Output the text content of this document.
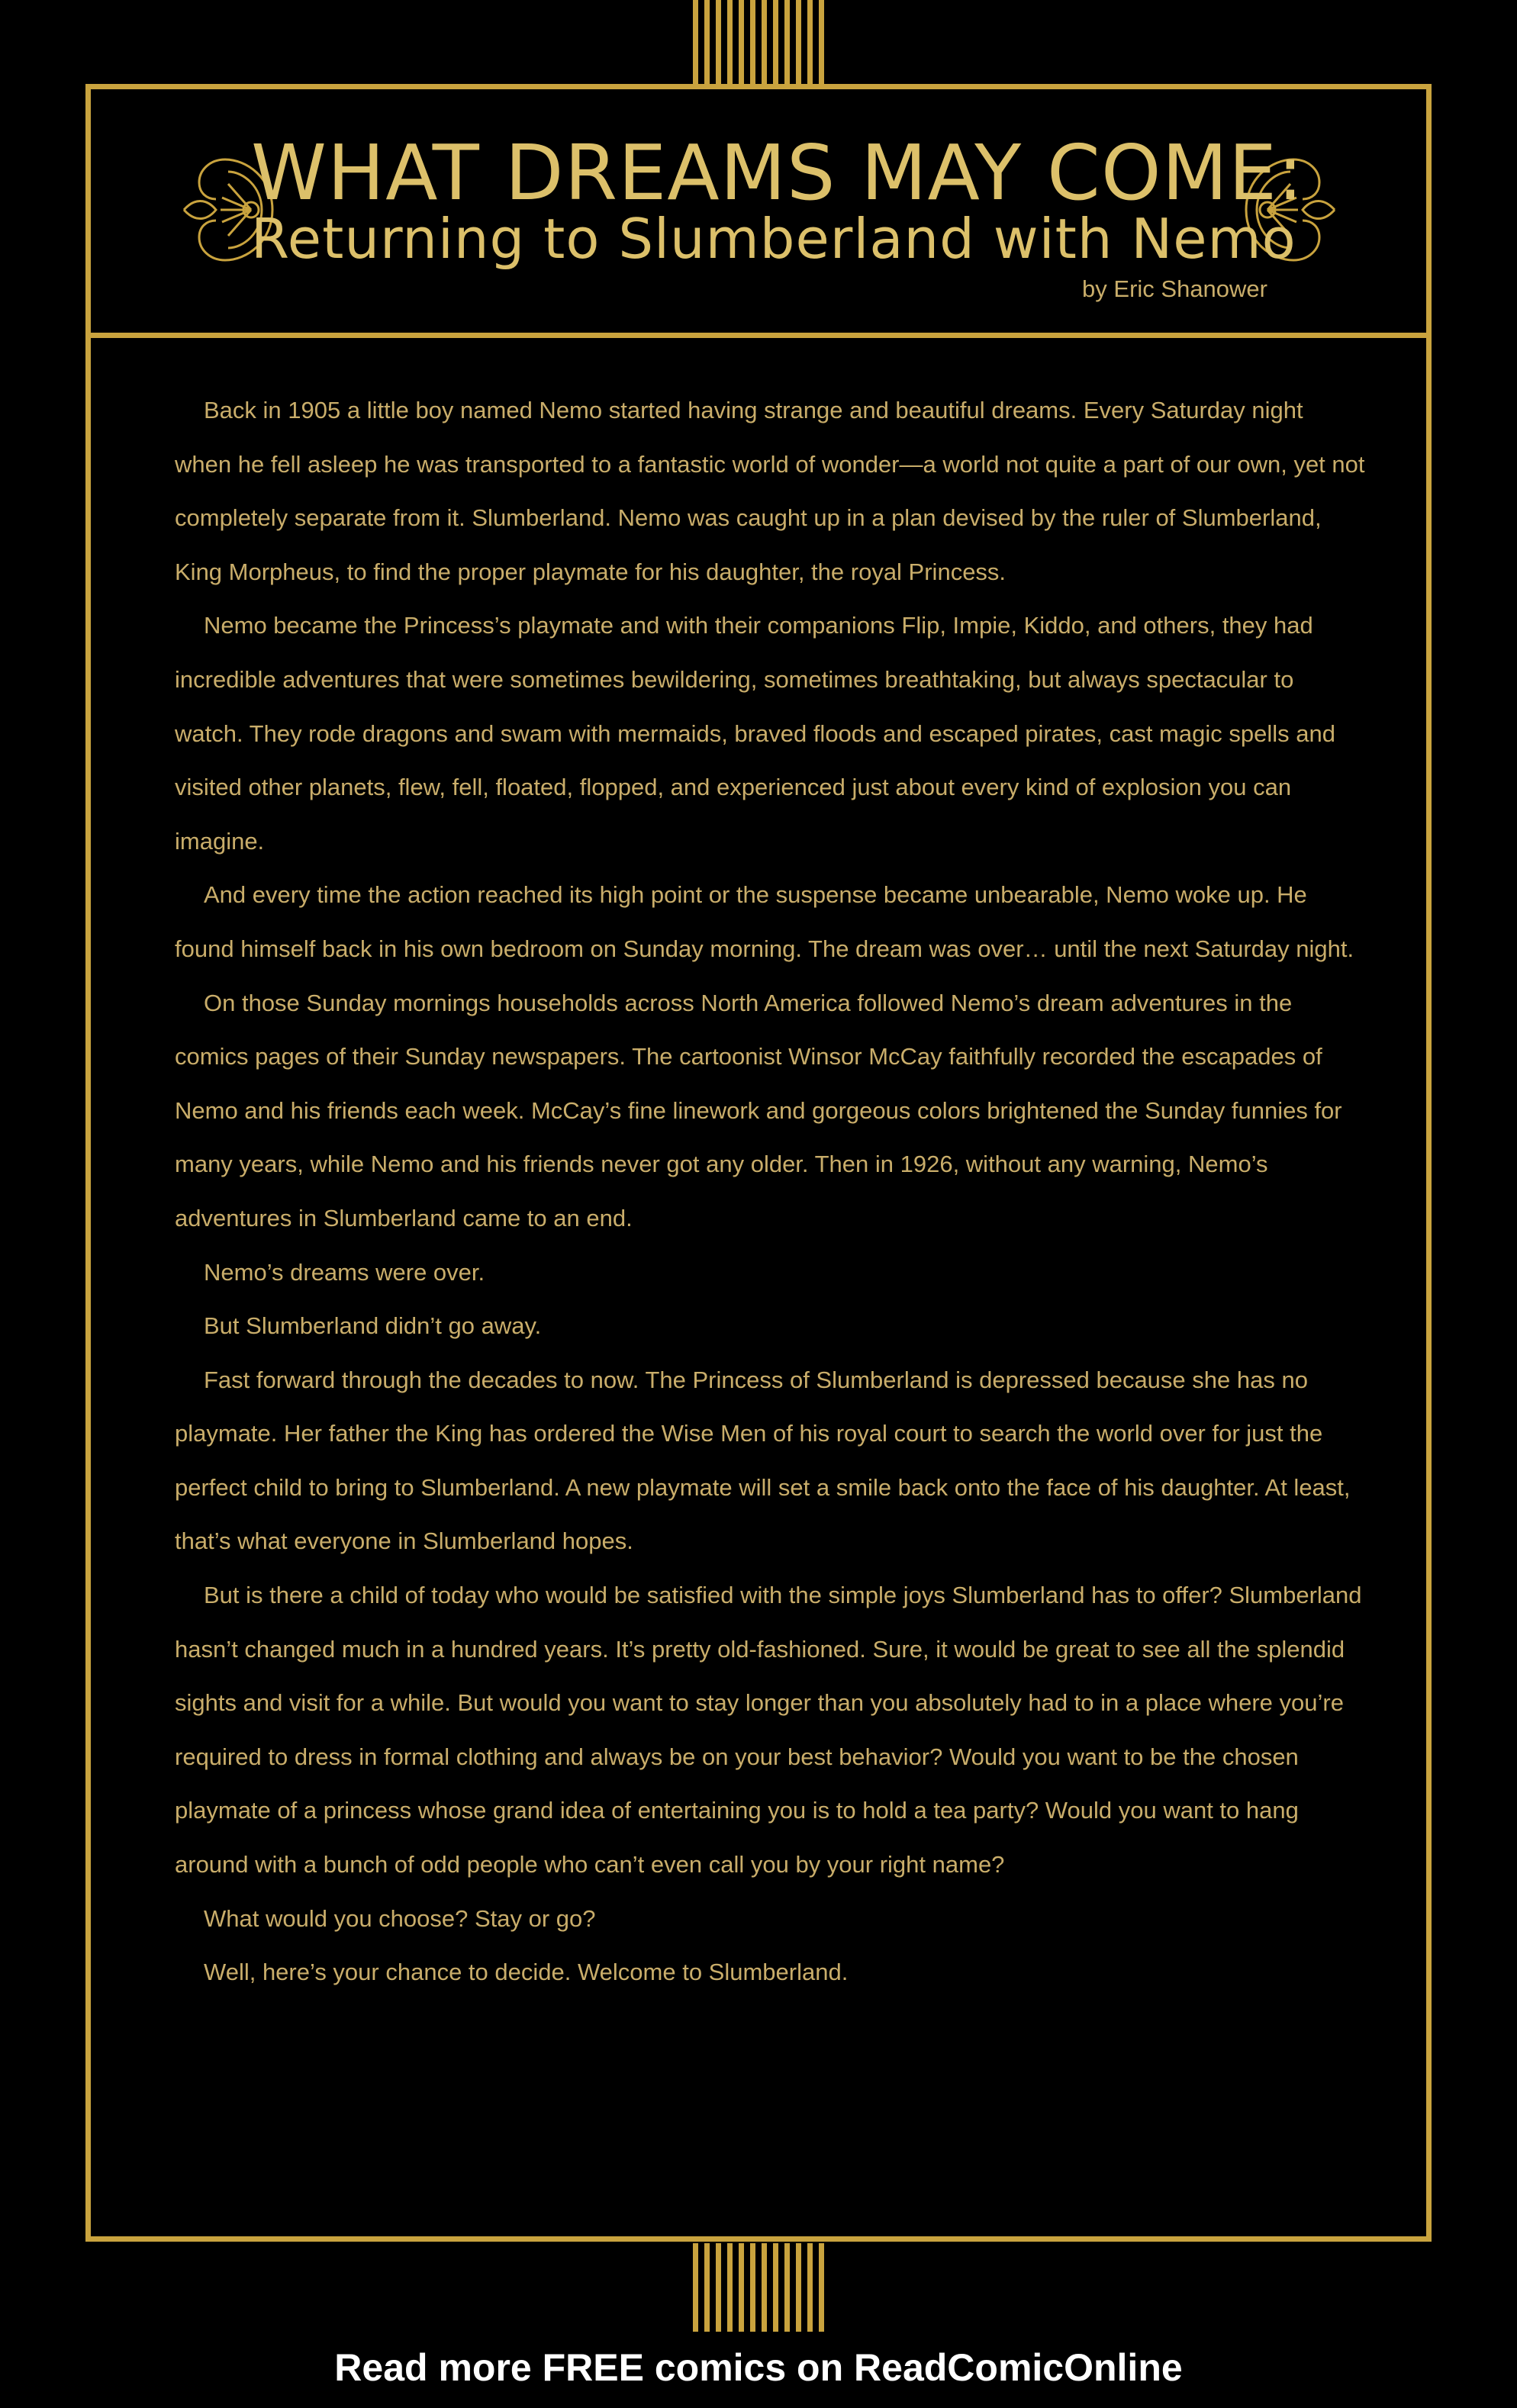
WHAT DREAMS MAY COME:
Returning to Slumberland with Nemo
by Eric Shanower

Back in 1905 a little boy named Nemo started having strange and beautiful dreams. Every Saturday night when he fell asleep he was transported to a fantastic world of wonder—a world not quite a part of our own, yet not completely separate from it. Slumberland. Nemo was caught up in a plan devised by the ruler of Slumberland, King Morpheus, to find the proper playmate for his daughter, the royal Princess.

Nemo became the Princess’s playmate and with their companions Flip, Impie, Kiddo, and others, they had incredible adventures that were sometimes bewildering, sometimes breathtaking, but always spectacular to watch. They rode dragons and swam with mermaids, braved floods and escaped pirates, cast magic spells and visited other planets, flew, fell, floated, flopped, and experienced just about every kind of explosion you can imagine.

And every time the action reached its high point or the suspense became unbearable, Nemo woke up. He found himself back in his own bedroom on Sunday morning. The dream was over… until the next Saturday night.

On those Sunday mornings households across North America followed Nemo’s dream adventures in the comics pages of their Sunday newspapers. The cartoonist Winsor McCay faithfully recorded the escapades of Nemo and his friends each week. McCay’s fine linework and gorgeous colors brightened the Sunday funnies for many years, while Nemo and his friends never got any older. Then in 1926, without any warning, Nemo’s adventures in Slumberland came to an end.

Nemo’s dreams were over.

But Slumberland didn’t go away.

Fast forward through the decades to now. The Princess of Slumberland is depressed because she has no playmate. Her father the King has ordered the Wise Men of his royal court to search the world over for just the perfect child to bring to Slumberland. A new playmate will set a smile back onto the face of his daughter. At least, that’s what everyone in Slumberland hopes.

But is there a child of today who would be satisfied with the simple joys Slumberland has to offer? Slumberland hasn’t changed much in a hundred years. It’s pretty old-fashioned. Sure, it would be great to see all the splendid sights and visit for a while. But would you want to stay longer than you absolutely had to in a place where you’re required to dress in formal clothing and always be on your best behavior? Would you want to be the chosen playmate of a princess whose grand idea of entertaining you is to hold a tea party? Would you want to hang around with a bunch of odd people who can’t even call you by your right name?

What would you choose? Stay or go?

Well, here’s your chance to decide. Welcome to Slumberland.

Read more FREE comics on ReadComicOnline
